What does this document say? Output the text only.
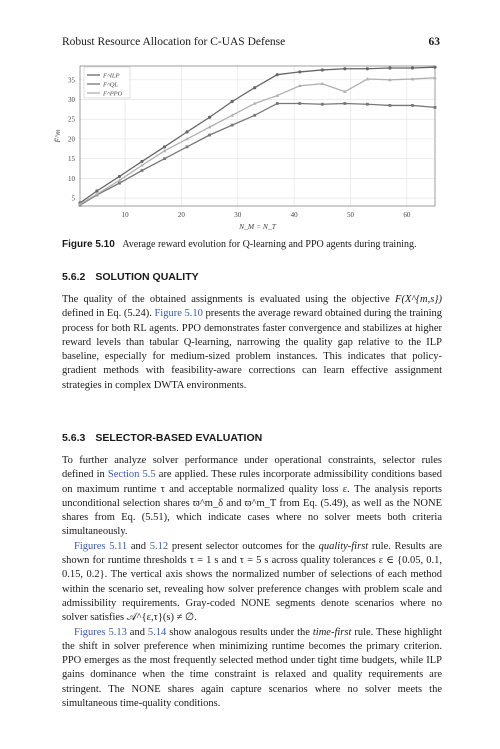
Robust Resource Allocation for C-UAS Defense	63
10	20	30	40	50	60
5
10
15
20
25
30
35
N_M = N_T
F̄^m
F^ILP
F^QL
F^PPO
Figure 5.10 Average reward evolution for Q-learning and PPO agents during training.
5.6.2 SOLUTION QUALITY

The quality of the obtained assignments is evaluated using the objective F(X^{m,s}) defined in Eq. (5.24). Figure 5.10 presents the average reward obtained during the training process for both RL agents. PPO demonstrates faster convergence and stabilizes at higher reward levels than tabular Q-learning, narrowing the quality gap relative to the ILP baseline, especially for medium-sized problem instances. This indicates that policy-gradient methods with feasibility-aware corrections can learn effective assignment strategies in complex DWTA environments.

5.6.3 SELECTOR-BASED EVALUATION

To further analyze solver performance under operational constraints, selector rules defined in Section 5.5 are applied. These rules incorporate admissibility conditions based on maximum runtime τ and acceptable normalized quality loss ε. The analysis reports unconditional selection shares ϖ^m_δ and ϖ^m_T from Eq. (5.49), as well as the NONE shares from Eq. (5.51), which indicate cases where no solver meets both criteria simultaneously.

Figures 5.11 and 5.12 present selector outcomes for the quality-first rule. Results are shown for runtime thresholds τ = 1 s and τ = 5 s across quality tolerances ε ∈ {0.05, 0.1, 0.15, 0.2}. The vertical axis shows the normalized number of selections of each method within the scenario set, revealing how solver preference changes with problem scale and admissibility requirements. Gray-coded NONE segments denote scenarios where no solver satisfies 𝒜^{ε,τ}(s) ≠ ∅.

Figures 5.13 and 5.14 show analogous results under the time-first rule. These highlight the shift in solver preference when minimizing runtime becomes the primary criterion. PPO emerges as the most frequently selected method under tight time budgets, while ILP gains dominance when the time constraint is relaxed and quality requirements are stringent. The NONE shares again capture scenarios where no solver meets the simultaneous time-quality conditions.
